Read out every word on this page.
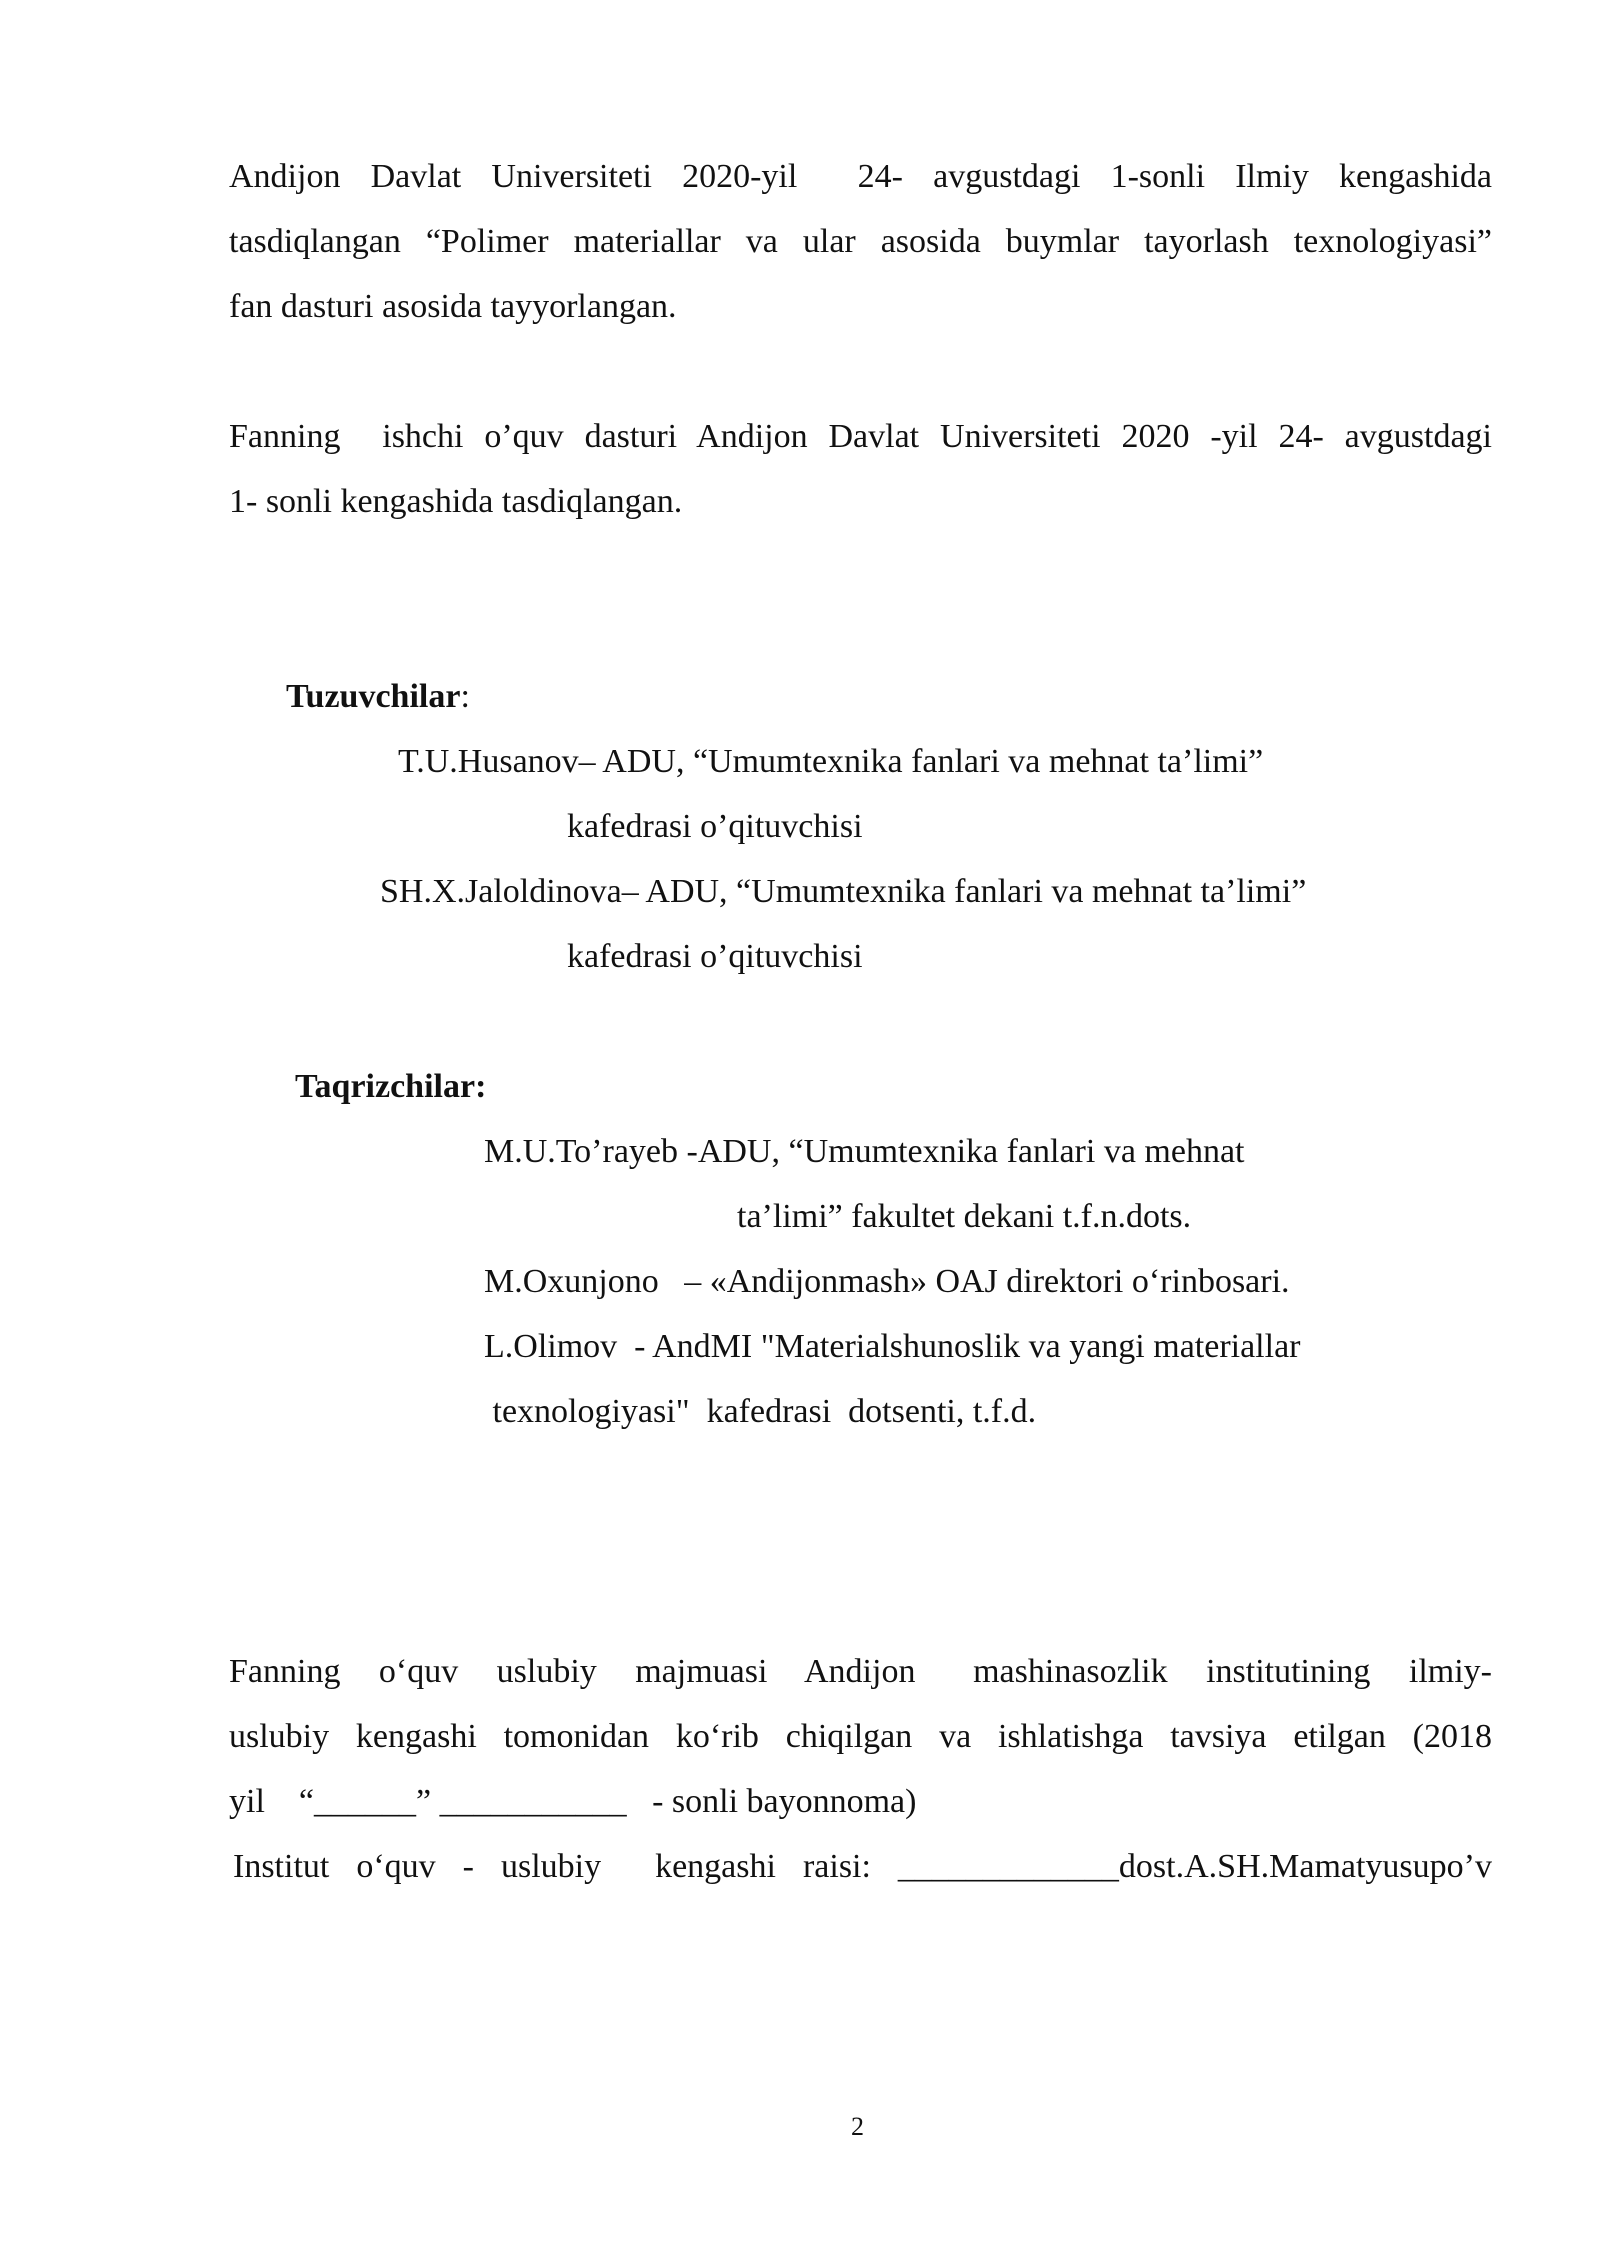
Andijon Davlat Universiteti 2020-yil  24- avgustdagi 1-sonli Ilmiy kengashida
tasdiqlangan “Polimer materiallar va ular asosida buymlar tayorlash texnologiyasi”
fan dasturi asosida tayyorlangan.
Fanning  ishchi o’quv dasturi Andijon Davlat Universiteti 2020 -yil 24- avgustdagi
1- sonli kengashida tasdiqlangan.
Tuzuvchilar:
T.U.Husanov– ADU, “Umumtexnika fanlari va mehnat ta’limi”
kafedrasi o’qituvchisi
SH.X.Jaloldinova– ADU, “Umumtexnika fanlari va mehnat ta’limi”
kafedrasi o’qituvchisi
Taqrizchilar:
M.U.To’rayeb -ADU, “Umumtexnika fanlari va mehnat
ta’limi” fakultet dekani t.f.n.dots.
M.Oxunjono   – «Andijonmash» OAJ direktori o‘rinbosari.
L.Olimov  - AndMI "Materialshunoslik va yangi materiallar
texnologiyasi"  kafedrasi  dotsenti, t.f.d.
Fanning  o‘quv  uslubiy  majmuasi  Andijon   mashinasozlik  institutining  ilmiy-
uslubiy kengashi tomonidan ko‘rib chiqilgan va ishlatishga tavsiya etilgan (2018
yil    “______” ___________   - sonli bayonnoma)
Institut o‘quv - uslubiy  kengashi raisi: _____________dost.A.SH.Mamatyusupo’v
2
